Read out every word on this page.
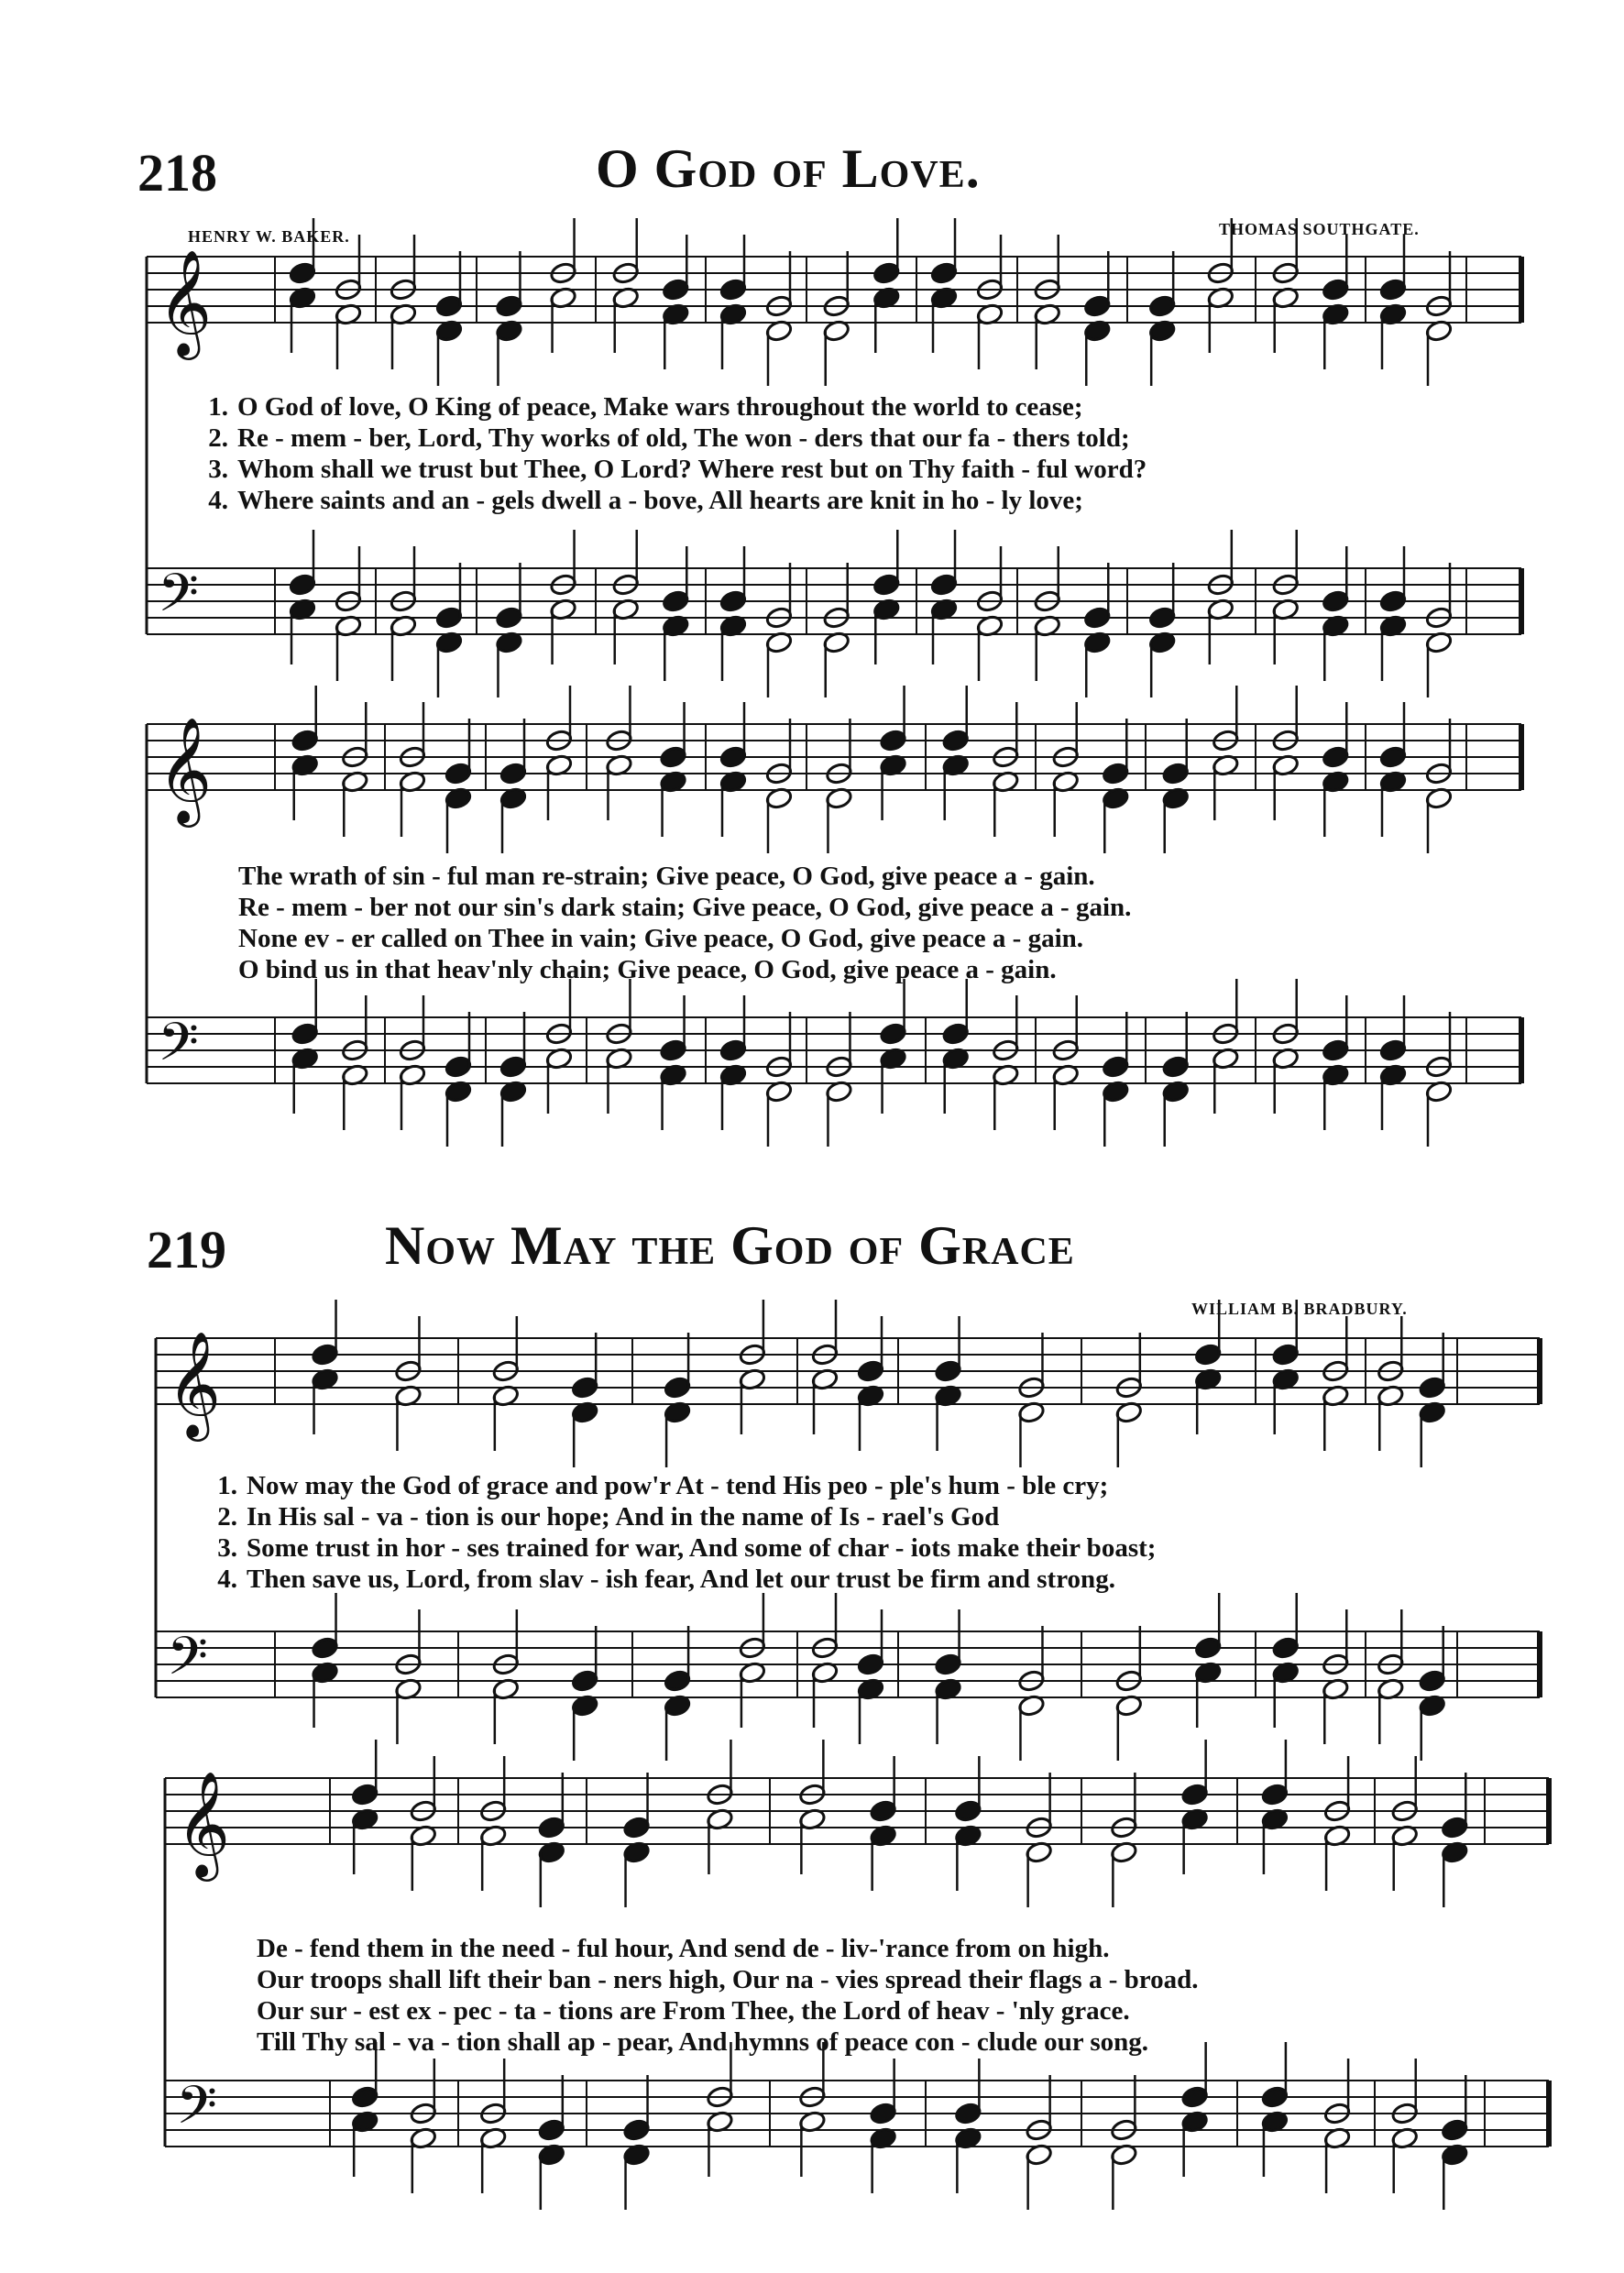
218	O God of Love.
HENRY W. BAKER.	THOMAS SOUTHGATE.
219	Now May the God of Grace
WILLIAM B. BRADBURY.
𝄞
𝄢
𝄞
𝄢
𝄞
𝄢
𝄞
𝄢
1. O God of love, O King of peace, Make wars throughout the world to cease;
2. Re - mem - ber, Lord, Thy works of old, The won - ders that our fa - thers told;
3. Whom shall we trust but Thee, O Lord? Where rest but on Thy faith - ful word?
4. Where saints and an - gels dwell a - bove, All hearts are knit in ho - ly love;
The wrath of sin - ful man re-strain; Give peace, O God, give peace a - gain.
Re - mem - ber not our sin's dark stain; Give peace, O God, give peace a - gain.
None ev - er called on Thee in vain; Give peace, O God, give peace a - gain.
O bind us in that heav'nly chain; Give peace, O God, give peace a - gain.
1. Now may the God of grace and pow'r At - tend His peo - ple's hum - ble cry;
2. In His sal - va - tion is our hope; And in the name of Is - rael's God
3. Some trust in hor - ses trained for war, And some of char - iots make their boast;
4. Then save us, Lord, from slav - ish fear, And let our trust be firm and strong.
De - fend them in the need - ful hour, And send de - liv-'rance from on high.
Our troops shall lift their ban - ners high, Our na - vies spread their flags a - broad.
Our sur - est ex - pec - ta - tions are From Thee, the Lord of heav - 'nly grace.
Till Thy sal - va - tion shall ap - pear, And hymns of peace con - clude our song.
